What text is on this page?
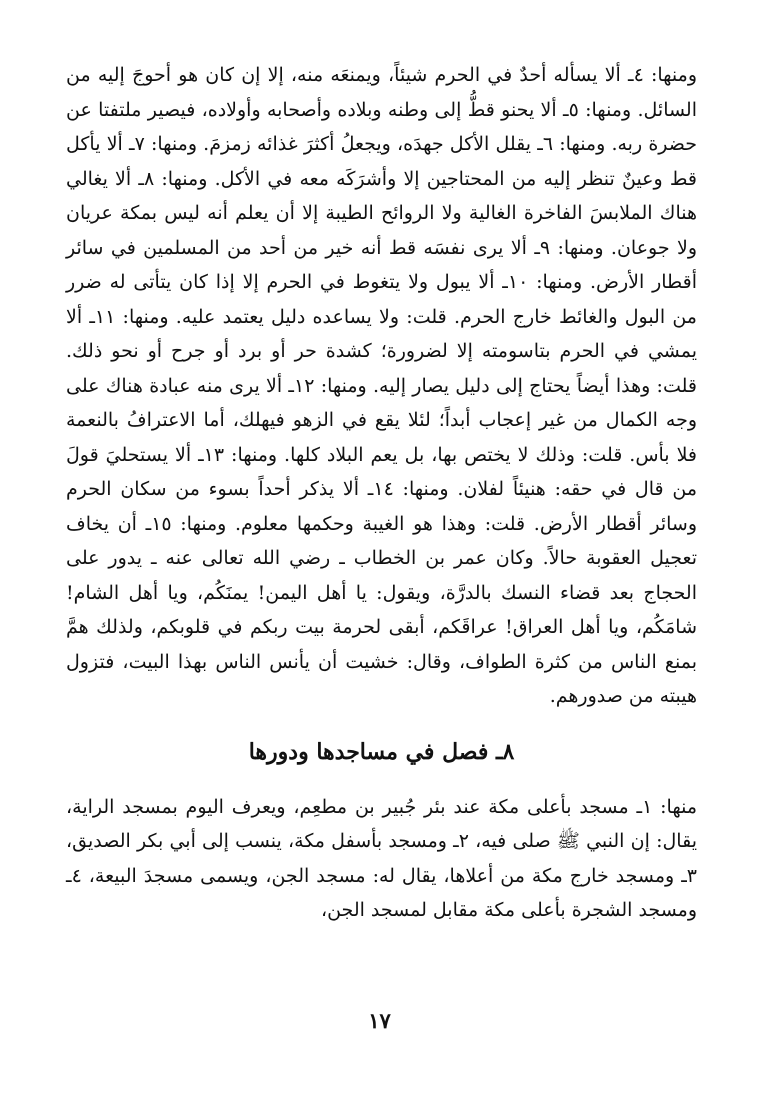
ومنها: ٤ـ ألا يسأله أحدٌ في الحرم شيئاً، ويمنعَه منه، إلا إن كان هو أحوجَ إليه من السائل. ومنها: ٥ـ ألا يحنو قطُّ إلى وطنه وبلاده وأصحابه وأولاده، فيصير ملتفتا عن حضرة ربه. ومنها: ٦ـ يقلل الأكل جهدَه، ويجعلُ أكثرَ غذائه زمزمَ. ومنها: ٧ـ ألا يأكل قط وعينٌ تنظر إليه من المحتاجين إلا وأشرَكَه معه في الأكل. ومنها: ٨ـ ألا يغالي هناك الملابسَ الفاخرة الغالية ولا الروائح الطيبة إلا أن يعلم أنه ليس بمكة عريان ولا جوعان. ومنها: ٩ـ ألا يرى نفسَه قط أنه خير من أحد من المسلمين في سائر أقطار الأرض. ومنها: ١٠ـ ألا يبول ولا يتغوط في الحرم إلا إذا كان يتأتى له ضرر من البول والغائط خارج الحرم. قلت: ولا يساعده دليل يعتمد عليه. ومنها: ١١ـ ألا يمشي في الحرم بتاسومته إلا لضرورة؛ كشدة حر أو برد أو جرح أو نحو ذلك. قلت: وهذا أيضاً يحتاج إلى دليل يصار إليه. ومنها: ١٢ـ ألا يرى منه عبادة هناك على وجه الكمال من غير إعجاب أبداً؛ لئلا يقع في الزهو فيهلك، أما الاعترافُ بالنعمة فلا بأس. قلت: وذلك لا يختص بها، بل يعم البلاد كلها. ومنها: ١٣ـ ألا يستحليَ قولَ من قال في حقه: هنيئاً لفلان. ومنها: ١٤ـ ألا يذكر أحداً بسوء من سكان الحرم وسائر أقطار الأرض. قلت: وهذا هو الغيبة وحكمها معلوم. ومنها: ١٥ـ أن يخاف تعجيل العقوبة حالاً. وكان عمر بن الخطاب ـ رضي الله تعالى عنه ـ يدور على الحجاج بعد قضاء النسك بالدرَّة، ويقول: يا أهل اليمن! يمنَكُم، ويا أهل الشام! شامَكُم، ويا أهل العراق! عراقَكم، أبقى لحرمة بيت ربكم في قلوبكم، ولذلك همَّ بمنع الناس من كثرة الطواف، وقال: خشيت أن يأنس الناس بهذا البيت، فتزول هيبته من صدورهم.

٨ـ فصل في مساجدها ودورها

منها: ١ـ مسجد بأعلى مكة عند بئر جُبير بن مطعِم، ويعرف اليوم بمسجد الراية، يقال: إن النبي ﷺ صلى فيه، ٢ـ ومسجد بأسفل مكة، ينسب إلى أبي بكر الصديق، ٣ـ ومسجد خارج مكة من أعلاها، يقال له: مسجد الجن، ويسمى مسجدَ البيعة، ٤ـ ومسجد الشجرة بأعلى مكة مقابل لمسجد الجن،

١٧
